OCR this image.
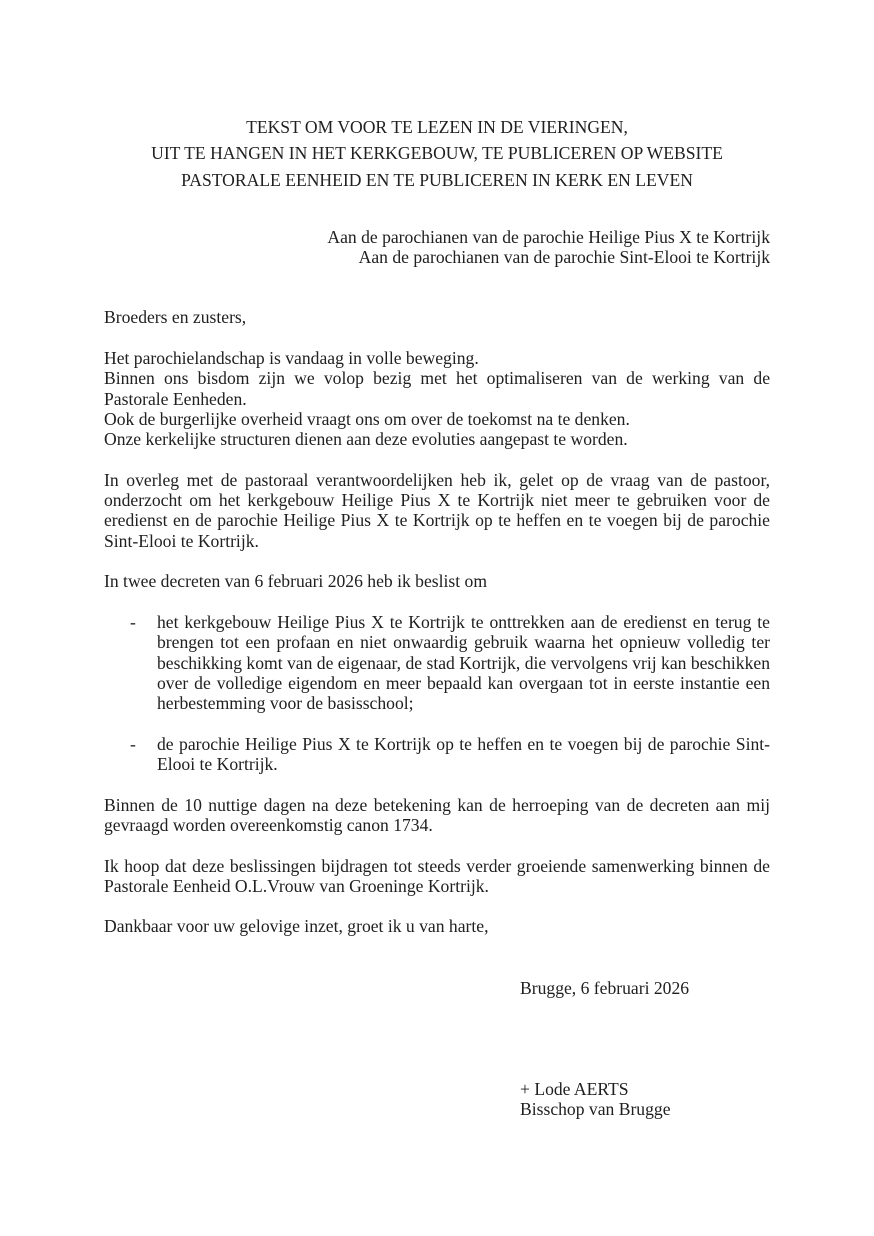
TEKST OM VOOR TE LEZEN IN DE VIERINGEN,
UIT TE HANGEN IN HET KERKGEBOUW, TE PUBLICEREN OP WEBSITE
PASTORALE EENHEID EN TE PUBLICEREN IN KERK EN LEVEN
Aan de parochianen van de parochie Heilige Pius X te Kortrijk
Aan de parochianen van de parochie Sint-Elooi te Kortrijk

Broeders en zusters,

Het parochielandschap is vandaag in volle beweging.
Binnen ons bisdom zijn we volop bezig met het optimaliseren van de werking van de Pastorale Eenheden.
Ook de burgerlijke overheid vraagt ons om over de toekomst na te denken.
Onze kerkelijke structuren dienen aan deze evoluties aangepast te worden.

In overleg met de pastoraal verantwoordelijken heb ik, gelet op de vraag van de pastoor, onderzocht om het kerkgebouw Heilige Pius X te Kortrijk niet meer te gebruiken voor de eredienst en de parochie Heilige Pius X te Kortrijk op te heffen en te voegen bij de parochie Sint-Elooi te Kortrijk.

In twee decreten van 6 februari 2026 heb ik beslist om

- het kerkgebouw Heilige Pius X te Kortrijk te onttrekken aan de eredienst en terug te brengen tot een profaan en niet onwaardig gebruik waarna het opnieuw volledig ter beschikking komt van de eigenaar, de stad Kortrijk, die vervolgens vrij kan beschikken over de volledige eigendom en meer bepaald kan overgaan tot in eerste instantie een herbestemming voor de basisschool;
- de parochie Heilige Pius X te Kortrijk op te heffen en te voegen bij de parochie Sint-Elooi te Kortrijk.

Binnen de 10 nuttige dagen na deze betekening kan de herroeping van de decreten aan mij gevraagd worden overeenkomstig canon 1734.

Ik hoop dat deze beslissingen bijdragen tot steeds verder groeiende samenwerking binnen de Pastorale Eenheid O.L.Vrouw van Groeninge Kortrijk.

Dankbaar voor uw gelovige inzet, groet ik u van harte,

Brugge, 6 februari 2026

+ Lode AERTS
Bisschop van Brugge
